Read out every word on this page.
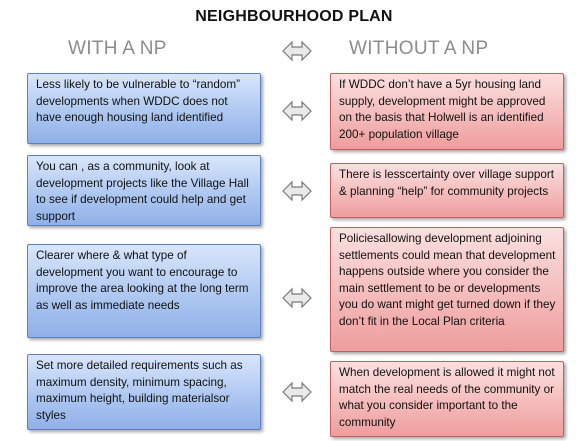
NEIGHBOURHOOD PLAN
WITH A NP	WITHOUT A NP
Less likely to be vulnerable to “random” developments when WDDC does not have enough housing land identified
If WDDC don’t have a 5yr housing land supply, development might be approved on the basis that Holwell is an identified 200+ population village
You can , as a community, look at development projects like the Village Hall to see if development could help and get support
There is lesscertainty over village support & planning “help” for community projects
Clearer where & what type of development you want to encourage to improve the area looking at the long term as well as immediate needs
Policiesallowing development adjoining settlements could mean that development happens outside where you consider the main settlement to be or developments you do want might get turned down if they don’t fit in the Local Plan criteria
Set more detailed requirements such as maximum density, minimum spacing, maximum height, building materialsor styles
When development is allowed it might not match the real needs of the community or what you consider important to the community
